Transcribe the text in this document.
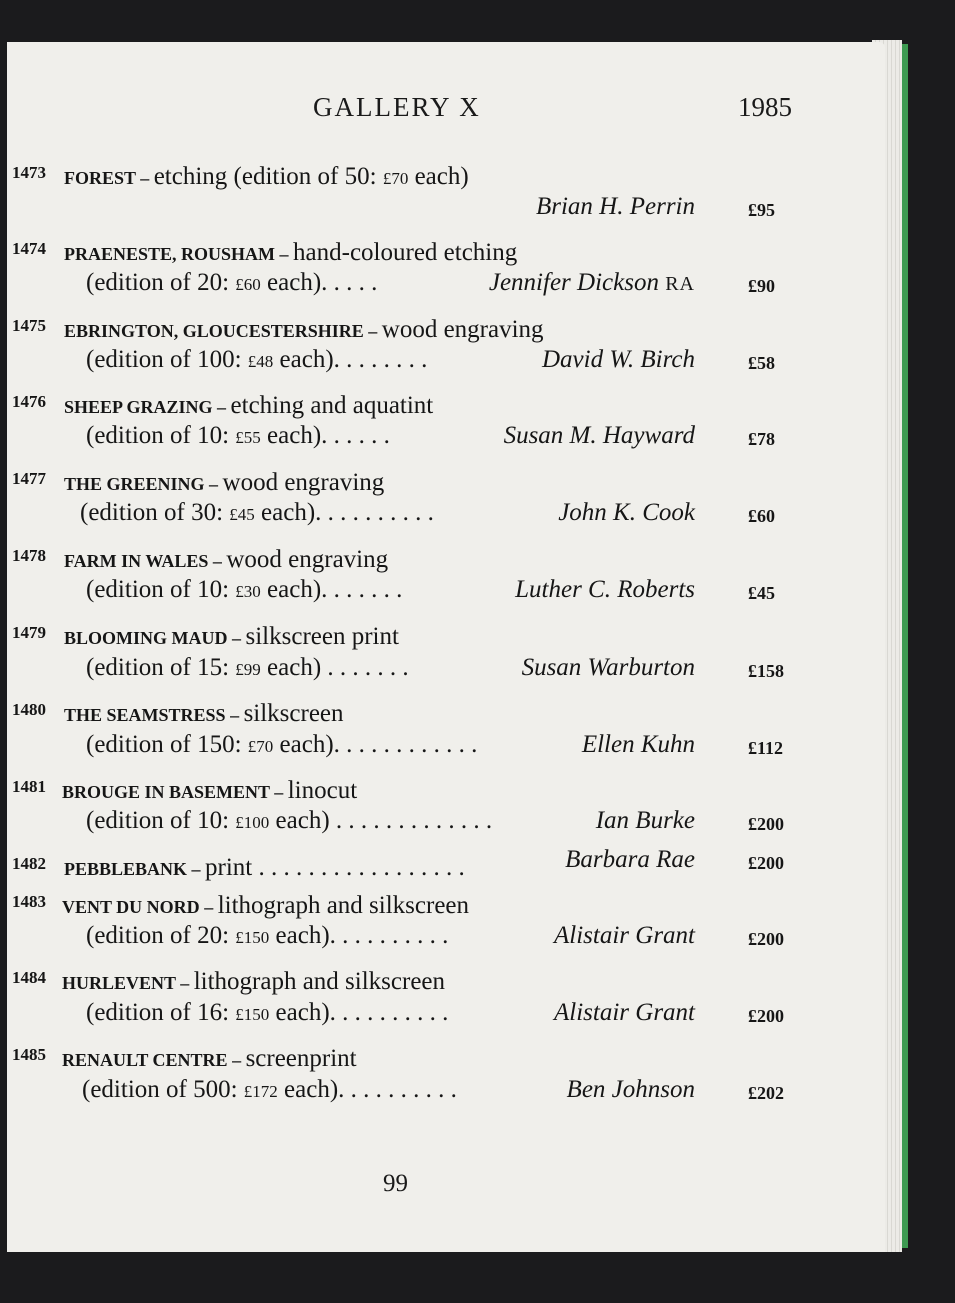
GALLERY X	1985
1473 FOREST – etching (edition of 50: £70 each)
Brian H. Perrin	£95
1474 PRAENESTE, ROUSHAM – hand-coloured etching
(edition of 20: £60 each). . . . .	Jennifer Dickson RA	£90
1475 EBRINGTON, GLOUCESTERSHIRE – wood engraving
(edition of 100: £48 each). . . . . . . .	David W. Birch	£58
1476 SHEEP GRAZING – etching and aquatint
(edition of 10: £55 each). . . . . .	Susan M. Hayward	£78
1477 THE GREENING – wood engraving
(edition of 30: £45 each). . . . . . . . . .	John K. Cook	£60
1478 FARM IN WALES – wood engraving
(edition of 10: £30 each). . . . . . .	Luther C. Roberts	£45
1479 BLOOMING MAUD – silkscreen print
(edition of 15: £99 each) . . . . . . .	Susan Warburton	£158
1480 THE SEAMSTRESS – silkscreen
(edition of 150: £70 each). . . . . . . . . . . .	Ellen Kuhn	£112
1481 BROUGE IN BASEMENT – linocut
(edition of 10: £100 each) . . . . . . . . . . . . .	Ian Burke	£200
1482 PEBBLEBANK – print . . . . . . . . . . . . . . . . .	Barbara Rae	£200
1483 VENT DU NORD – lithograph and silkscreen
(edition of 20: £150 each). . . . . . . . . .	Alistair Grant	£200
1484 HURLEVENT – lithograph and silkscreen
(edition of 16: £150 each). . . . . . . . . .	Alistair Grant	£200
1485 RENAULT CENTRE – screenprint
(edition of 500: £172 each). . . . . . . . . .	Ben Johnson	£202
99
